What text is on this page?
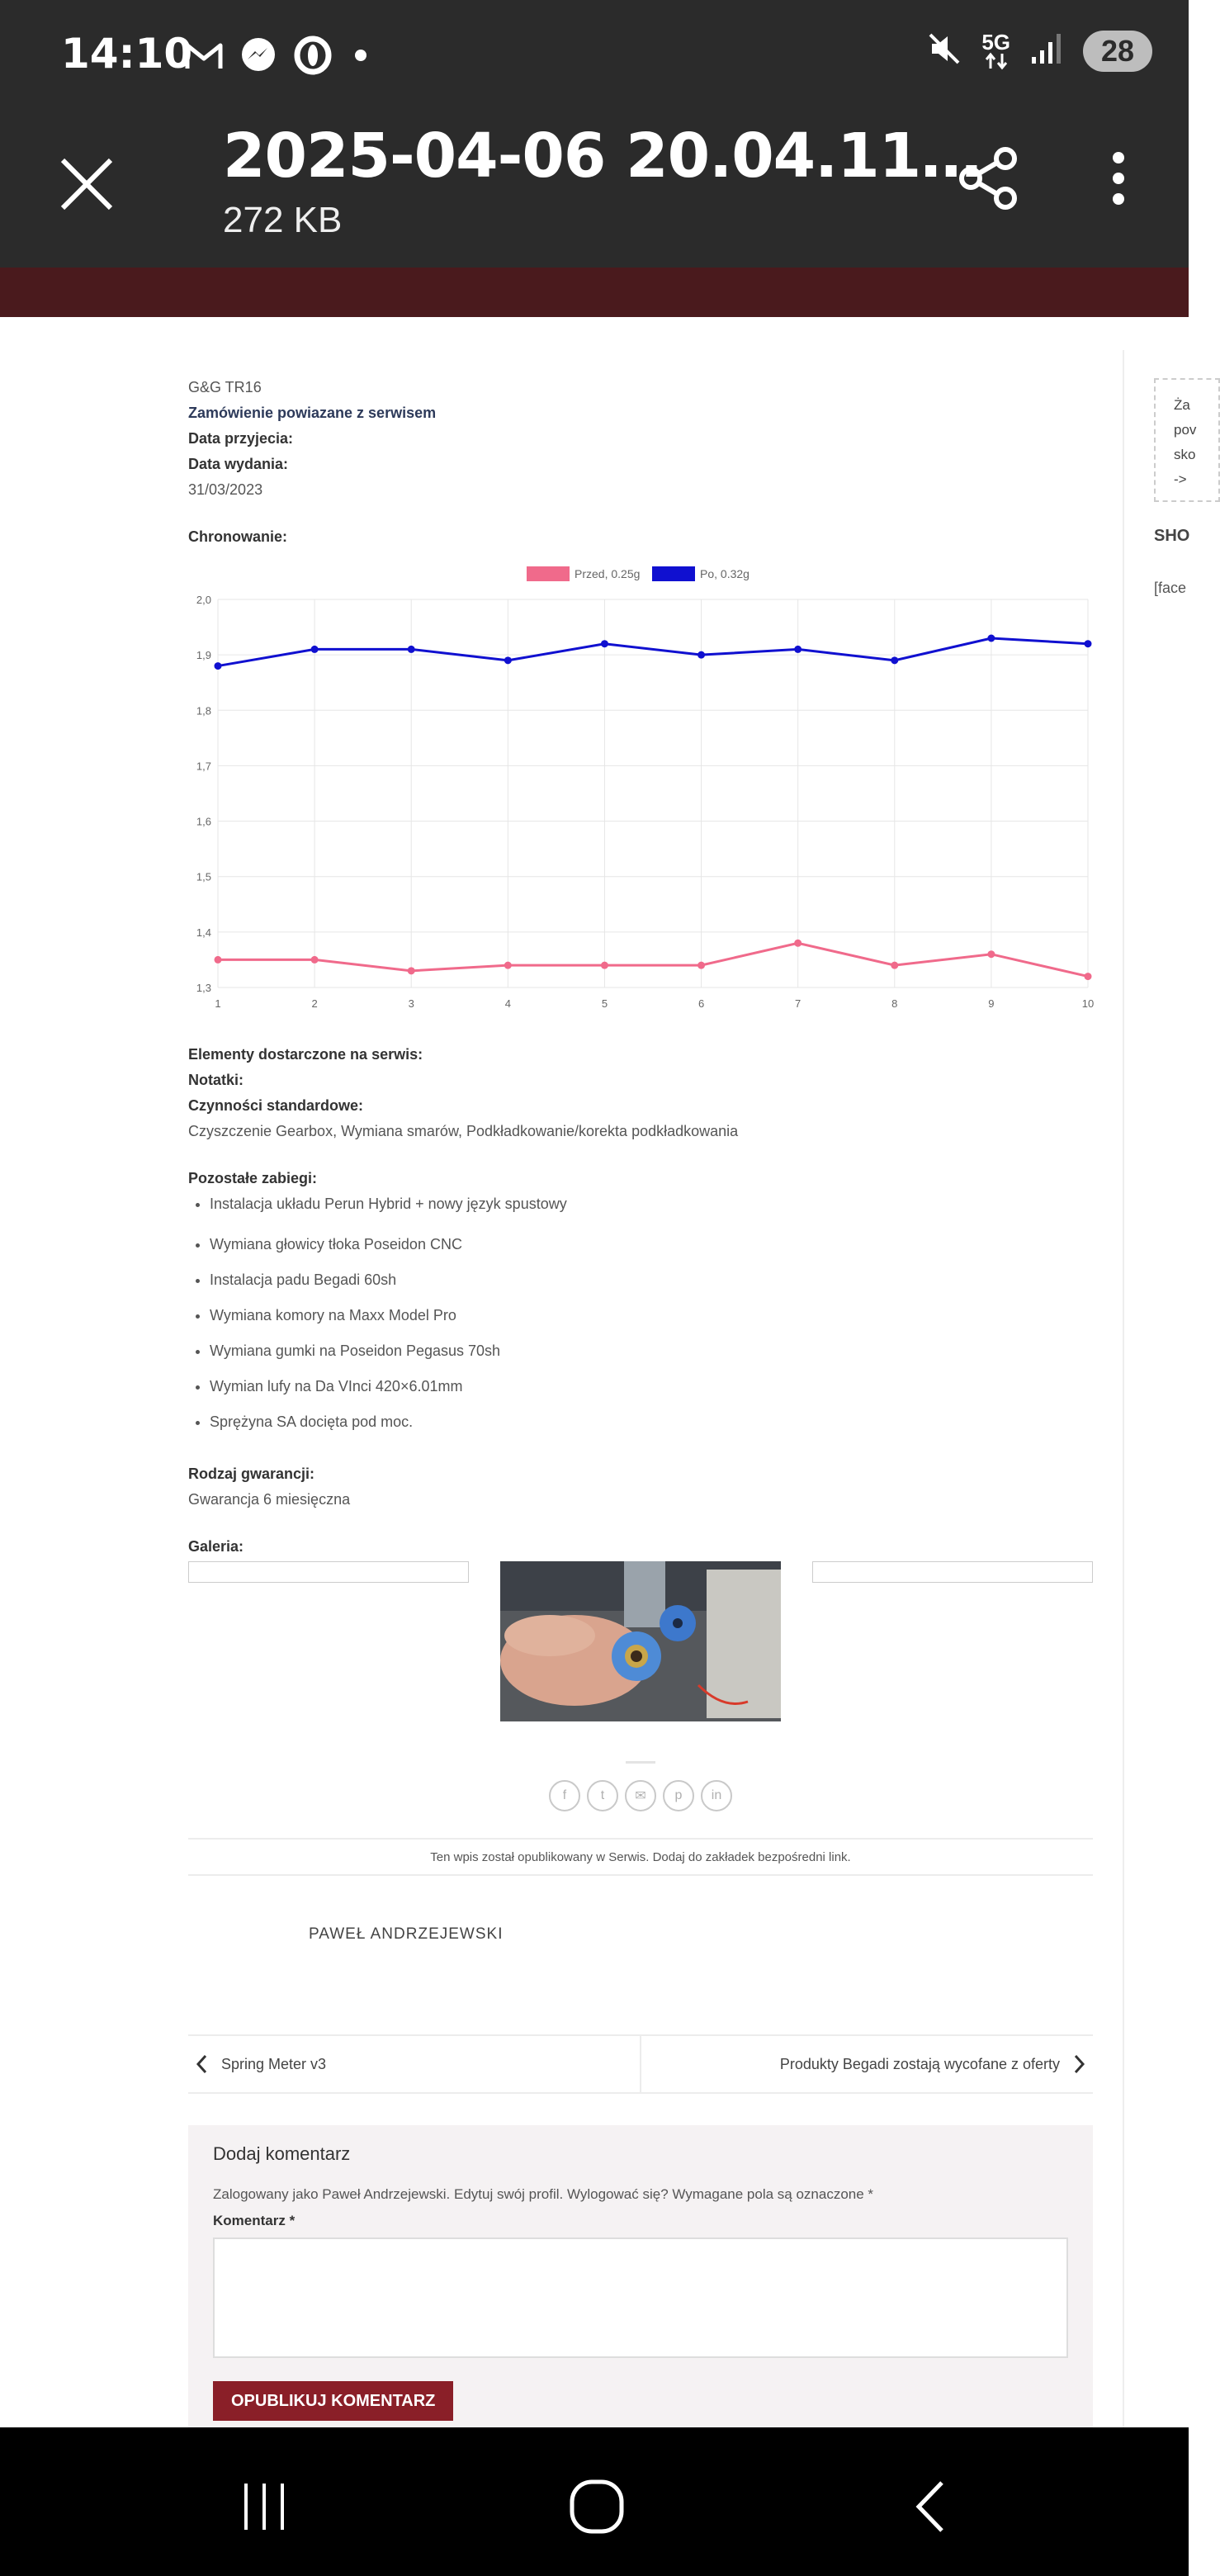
14:10	5G	28
2025-04-06 20.04.11…
272 KB
Ża
pov
sko
->
SHO
[face
G&G TR16
Zamówienie powiazane z serwisem
Data przyjecia:
Data wydania:
31/03/2023
Chronowanie:
Przed, 0.25g	Po, 0.32g
2,0
1,9
1,8
1,7
1,6
1,5
1,4
1,3
1	2	3	4	5	6	7	8	9	10
Elementy dostarczone na serwis:
Notatki:
Czynności standardowe:
Czyszczenie Gearbox, Wymiana smarów, Podkładkowanie/korekta podkładkowania
Pozostałe zabiegi:
• Instalacja układu Perun Hybrid + nowy język spustowy
• Wymiana głowicy tłoka Poseidon CNC
• Instalacja padu Begadi 60sh
• Wymiana komory na Maxx Model Pro
• Wymiana gumki na Poseidon Pegasus 70sh
• Wymian lufy na Da VInci 420×6.01mm
• Sprężyna SA docięta pod moc.
Rodzaj gwarancji:
Gwarancja 6 miesięczna
Galeria:
f	t	✉	p	in
Ten wpis został opublikowany w Serwis. Dodaj do zakładek bezpośredni link.
PAWEŁ ANDRZEJEWSKI
Spring Meter v3	Produkty Begadi zostają wycofane z oferty
Dodaj komentarz
Zalogowany jako Paweł Andrzejewski. Edytuj swój profil. Wylogować się? Wymagane pola są oznaczone *
Komentarz *
OPUBLIKUJ KOMENTARZ
